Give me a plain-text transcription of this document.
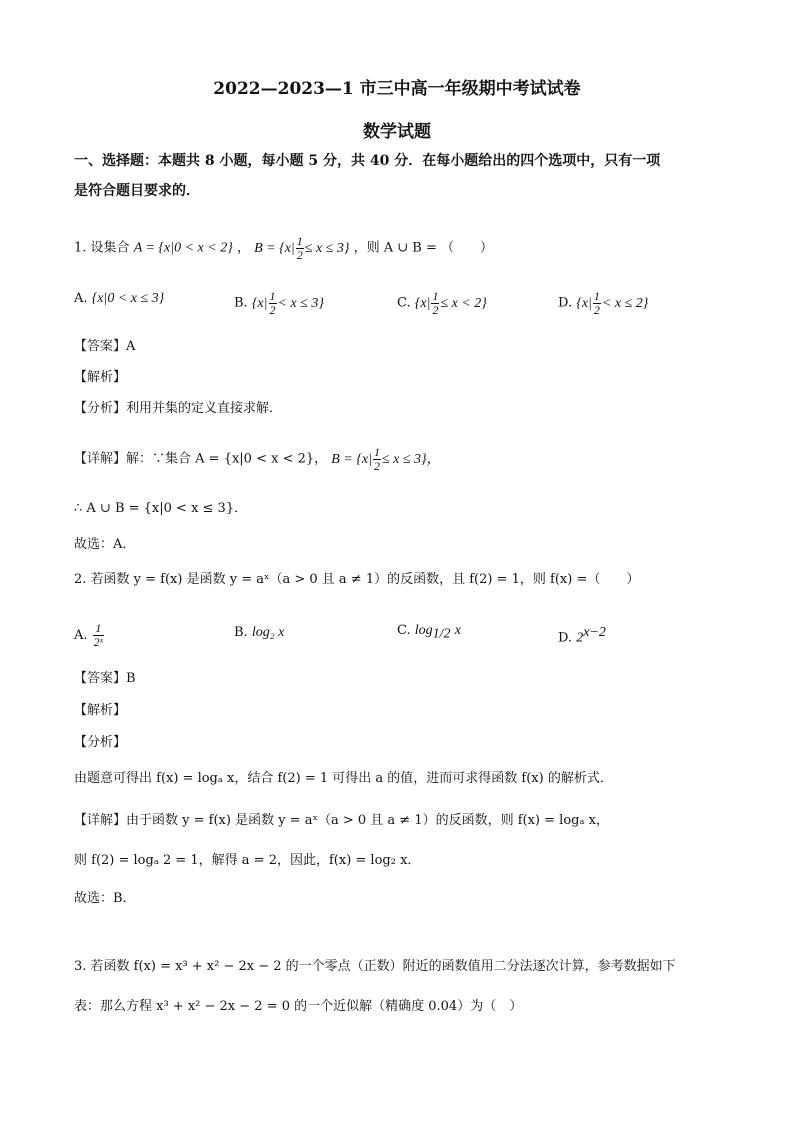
2022—2023—1 市三中高一年级期中考试试卷
数学试题
一、选择题：本题共 8 小题，每小题 5 分，共 40 分．在每小题给出的四个选项中，只有一项
是符合题目要求的．
1. 设集合 A = {x|0 < x < 2} ， $B = \{x| \frac{1}{2} \le x \le 3\}$ ，则 A ∪ B = （　　）
A. {x|0 < x ≤ 3}	B. $\{x| \frac{1}{2} < x \le 3\}$	C. $\{x| \frac{1}{2} \le x < 2\}$	D. $\{x| \frac{1}{2} < x \le 2\}$
【答案】A
【解析】
【分析】利用并集的定义直接求解．
【详解】解：∵集合 A = {x|0 < x < 2}， $B = \{x| \frac{1}{2} \le x \le 3\}$，
∴ A ∪ B = {x|0 < x ≤ 3}．
故选：A．
2. 若函数 y = f(x) 是函数 y = aˣ（a > 0 且 a ≠ 1）的反函数，且 f(2) = 1，则 f(x) =（　　）
A. $\frac{1}{\text{2ˣ}}$	B. log₂ x	C. $\log_{1/2} x$	D. $2^{x-2}$
【答案】B
【解析】
【分析】
由题意可得出 f(x) = logₐ x，结合 f(2) = 1 可得出 a 的值，进而可求得函数 f(x) 的解析式．
【详解】由于函数 y = f(x) 是函数 y = aˣ（a > 0 且 a ≠ 1）的反函数，则 f(x) = logₐ x，
则 f(2) = logₐ 2 = 1，解得 a = 2，因此，f(x) = log₂ x．
故选：B．
3. 若函数 f(x) = x³ + x² − 2x − 2 的一个零点（正数）附近的函数值用二分法逐次计算，参考数据如下
表：那么方程 x³ + x² − 2x − 2 = 0 的一个近似解（精确度 0.04）为（　）
